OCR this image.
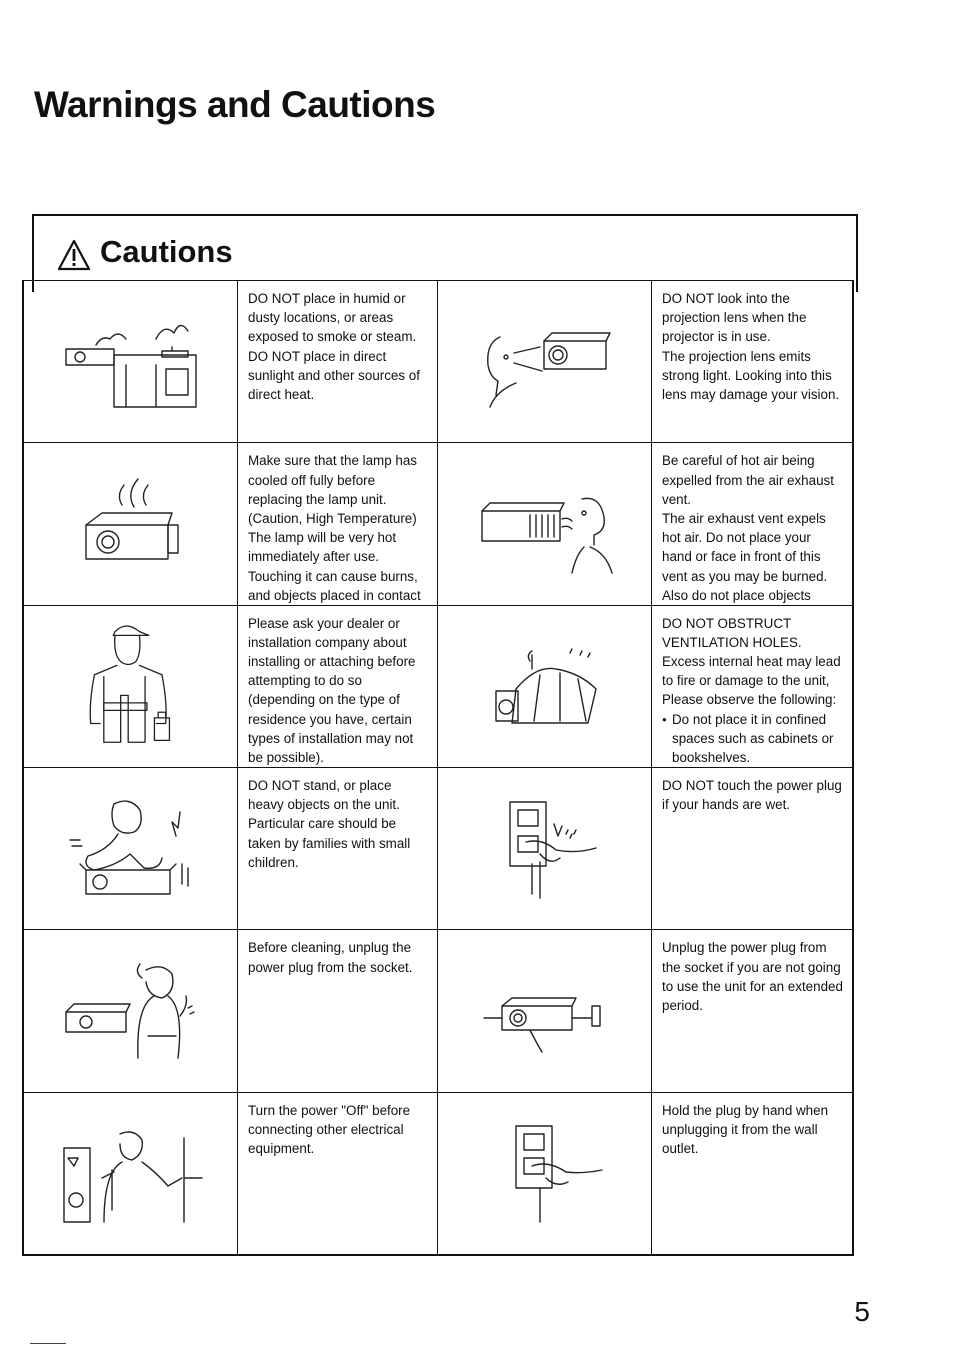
Warnings and Cautions
Cautions

DO NOT place in humid or dusty locations, or areas exposed to smoke or steam.

DO NOT place in direct sunlight and other sources of direct heat.

DO NOT look into the projection lens when the projector is in use.

The projection lens emits strong light. Looking into this lens may damage your vision.

Make sure that the lamp has cooled off fully before replacing the lamp unit.

(Caution, High Temperature)

The lamp will be very hot immediately after use. Touching it can cause burns, and objects placed in contact

Be careful of hot air being expelled from the air exhaust vent.

The air exhaust vent expels hot air. Do not place your hand or face in front of this vent as you may be burned. Also do not place objects

Please ask your dealer or installation company about installing or attaching before attempting to do so (depending on the type of residence you have, certain types of installation may not be possible).

DO NOT OBSTRUCT VENTILATION HOLES.

Excess internal heat may lead to fire or damage to the unit, Please observe the following:

● Do not place it in confined spaces such as cabinets or bookshelves.

DO NOT stand, or place heavy objects on the unit. Particular care should be taken by families with small children.

DO NOT touch the power plug if your hands are wet.

Before cleaning, unplug the power plug from the socket.

Unplug the power plug from the socket if you are not going to use the unit for an extended period.

Turn the power "Off" before connecting other electrical equipment.

Hold the plug by hand when unplugging it from the wall outlet.

5
